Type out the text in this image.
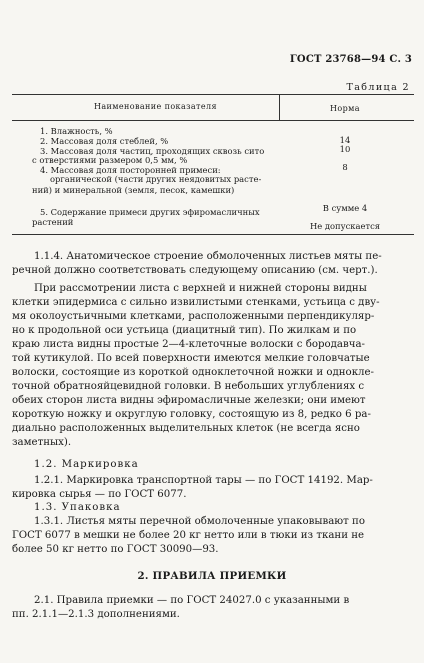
ГОСТ 23768—94 С. 3
Таблица 2
Наименование показателя	Норма
1. Влажность, %
14
2. Массовая доля стеблей, %
10
3. Массовая доля частиц, проходящих сквозь сито
с отверстиями размером 0,5 мм, %
8
4. Массовая доля посторонней примеси:
органической (части других неядовитых расте-
ний) и минеральной (земля, песок, камешки)
5. Содержание примеси других эфиромасличных
растений
В сумме 4
Не допускается
1.1.4. Анатомическое строение обмолоченных листьев мяты пе-
речной должно соответствовать следующему описанию (см. черт.).
При рассмотрении листа с верхней и нижней стороны видны
клетки эпидермиса с сильно извилистыми стенками, устьица с дву-
мя околоустьичными клетками, расположенными перпендикуляр-
но к продольной оси устьица (диацитный тип). По жилкам и по
краю листа видны простые 2—4-клеточные волоски с бородавча-
той кутикулой. По всей поверхности имеются мелкие головчатые
волоски, состоящие из короткой одноклеточной ножки и одноклe-
точной обратнояйцевидной головки. В небольших углублениях с
обеих сторон листа видны эфиромасличные железки; они имеют
короткую ножку и округлую головку, состоящую из 8, редко 6 ра-
диально расположенных выделительных клеток (не всегда ясно
заметных).
1.2. Маркировка
1.2.1. Маркировка транспортной тары — по ГОСТ 14192. Мар-
кировка сырья — по ГОСТ 6077.
1.3. Упаковка
1.3.1. Листья мяты перечной обмолоченные упаковывают по
ГОСТ 6077 в мешки не более 20 кг нетто или в тюки из ткани не
более 50 кг нетто по ГОСТ 30090—93.
2. ПРАВИЛА ПРИЕМКИ
2.1. Правила приемки — по ГОСТ 24027.0 с указанными в
пп. 2.1.1—2.1.3 дополнениями.
